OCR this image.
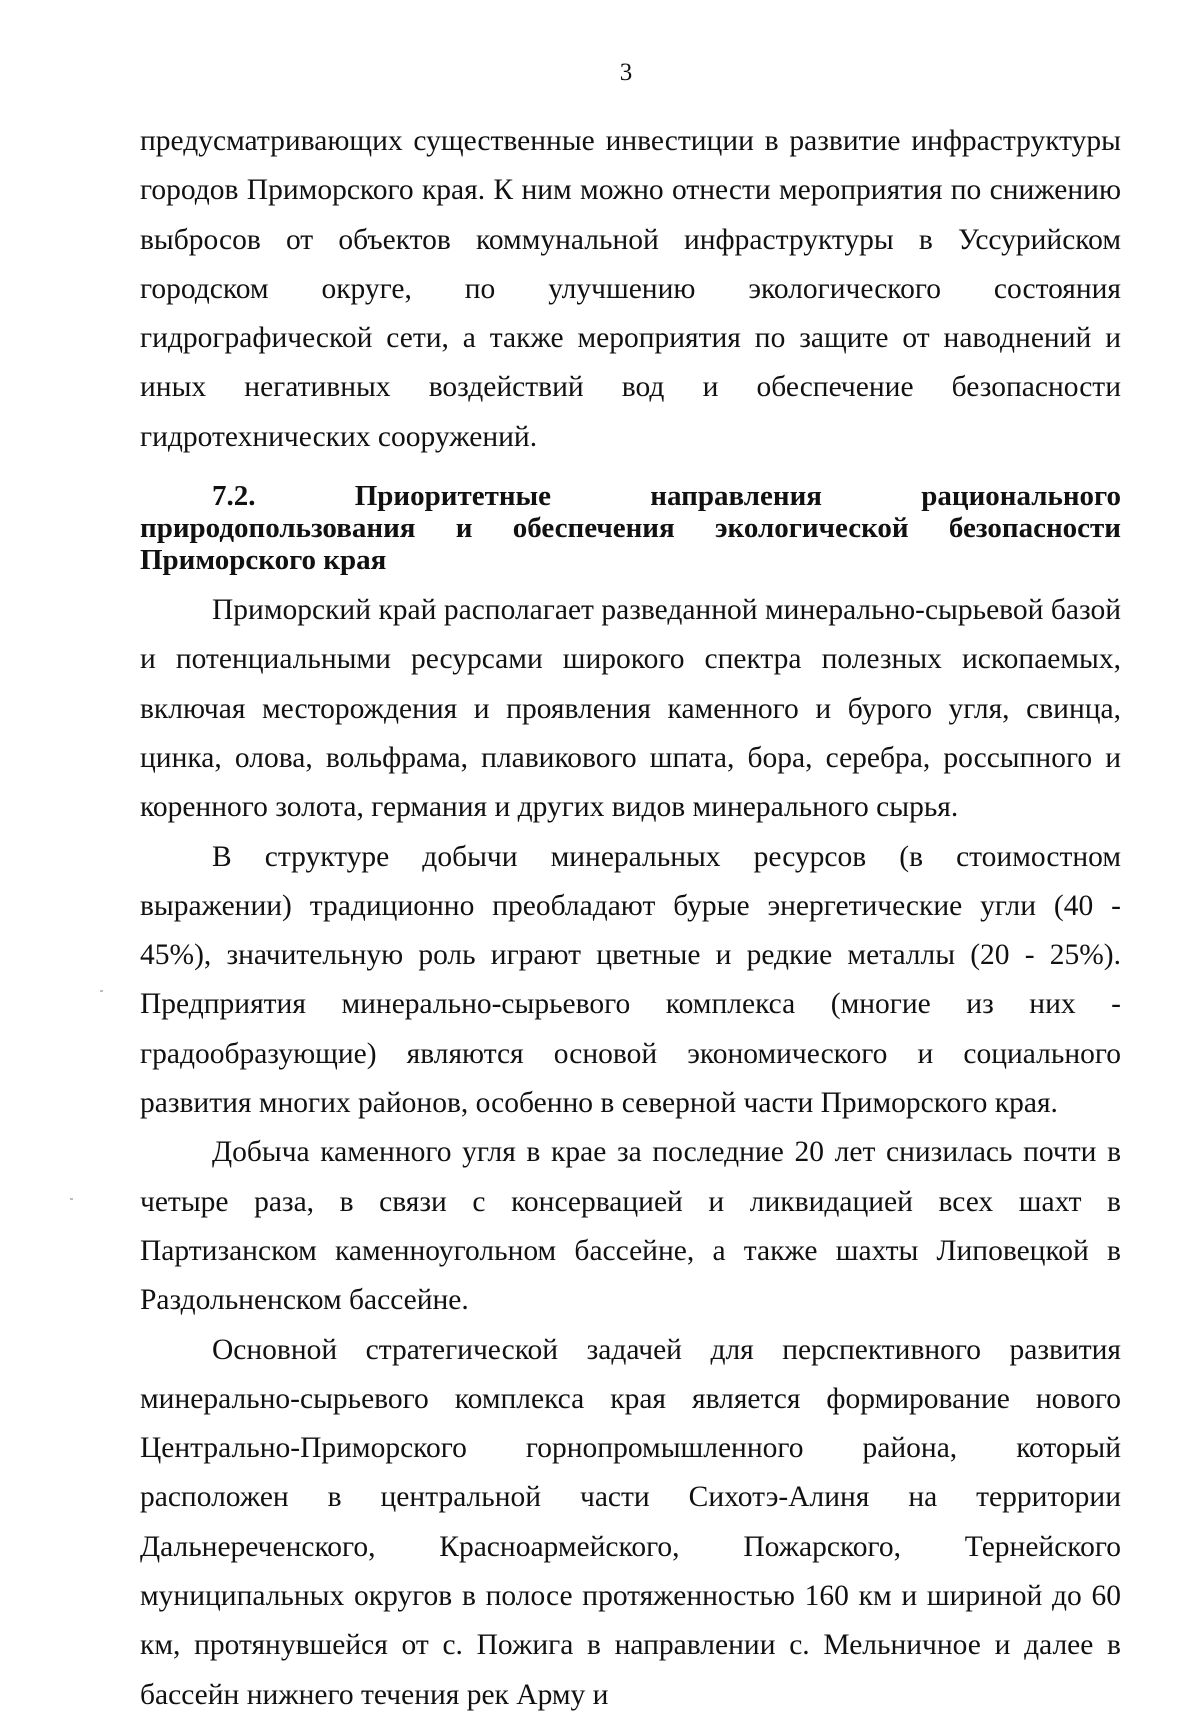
3

предусматривающих существенные инвестиции в развитие инфраструктуры городов Приморского края. К ним можно отнести мероприятия по снижению выбросов от объектов коммунальной инфраструктуры в Уссурийском городском округе, по улучшению экологического состояния гидрографической сети, а также мероприятия по защите от наводнений и иных негативных воздействий вод и обеспечение безопасности гидротехнических сооружений.

7.2. Приоритетные направления рационального природопользования и обеспечения экологической безопасности Приморского края

Приморский край располагает разведанной минерально-сырьевой базой и потенциальными ресурсами широкого спектра полезных ископаемых, включая месторождения и проявления каменного и бурого угля, свинца, цинка, олова, вольфрама, плавикового шпата, бора, серебра, россыпного и коренного золота, германия и других видов минерального сырья.

В структуре добычи минеральных ресурсов (в стоимостном выражении) традиционно преобладают бурые энергетические угли (40 - 45%), значительную роль играют цветные и редкие металлы (20 - 25%). Предприятия минерально-сырьевого комплекса (многие из них - градообразующие) являются основой экономического и социального развития многих районов, особенно в северной части Приморского края.

Добыча каменного угля в крае за последние 20 лет снизилась почти в четыре раза, в связи с консервацией и ликвидацией всех шахт в Партизанском каменноугольном бассейне, а также шахты Липовецкой в Раздольненском бассейне.

Основной стратегической задачей для перспективного развития минерально-сырьевого комплекса края является формирование нового Центрально-Приморского горнопромышленного района, который расположен в центральной части Сихотэ-Алиня на территории Дальнереченского, Красноармейского, Пожарского, Тернейского муниципальных округов в полосе протяженностью 160 км и шириной до 60 км, протянувшейся от с. Пожига в направлении с. Мельничное и далее в бассейн нижнего течения рек Арму и
